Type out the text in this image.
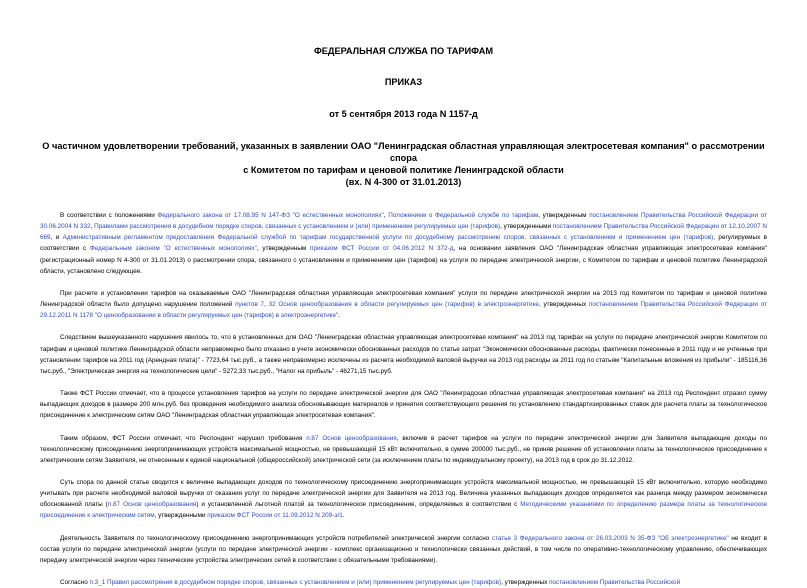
ФЕДЕРАЛЬНАЯ СЛУЖБА ПО ТАРИФАМ
ПРИКАЗ
от 5 сентября 2013 года N 1157-д
О частичном удовлетворении требований, указанных в заявлении ОАО "Ленинградская областная управляющая электросетевая компания" о рассмотрении спора
с Комитетом по тарифам и ценовой политике Ленинградской области
(вх. N 4-300 от 31.01.2013)

В соответствии с положениями Федерального закона от 17.08.95 N 147-ФЗ "О естественных монополиях", Положением о Федеральной службе по тарифам, утвержденным постановлением Правительства Российской Федерации от 30.06.2004 N 332, Правилами рассмотрения в досудебном порядке споров, связанных с установлением и (или) применением регулируемых цен (тарифов), утвержденными постановлением Правительства Российской Федерации от 12.10.2007 N 669, и Административным регламентом предоставления Федеральной службой по тарифам государственной услуги по досудебному рассмотрению споров, связанных с установлением и применением цен (тарифов), регулируемых в соответствии с Федеральным законом "О естественных монополиях", утвержденным приказом ФСТ России от 04.06.2012 N 372-д, на основании заявления ОАО "Ленинградская областная управляющая электросетевая компания" (регистрационный номер N 4-300 от 31.01.2013) о рассмотрении спора, связанного с установлением и применением цен (тарифов) на услуги по передаче электрической энергии, с Комитетом по тарифам и ценовой политике Ленинградской области, установлено следующее.

При расчете и установлении тарифов на оказываемые ОАО "Ленинградская областная управляющая электросетевая компания" услуги по передаче электрической энергии на 2013 год Комитетом по тарифам и ценовой политике Ленинградской области было допущено нарушение положений пунктов 7, 32 Основ ценообразования в области регулируемых цен (тарифов) в электроэнергетике, утвержденных постановлением Правительства Российской Федерации от 29.12.2011 N 1178 "О ценообразовании в области регулируемых цен (тарифов) в электроэнергетике".

Следствием вышеуказанного нарушения явилось то, что в установленных для ОАО "Ленинградская областная управляющая электросетевая компания" на 2013 год тарифах на услуги по передаче электрической энергии Комитетом по тарифам и ценовой политике Ленинградской области неправомерно было отказано в учете экономически обоснованных расходов по статье затрат "Экономически обоснованные расходы, фактически понесенные в 2011 году и не учтенные при установлении тарифов на 2011 год (Арендная плата)" - 7723,64 тыс.руб., а также неправомерно исключены из расчета необходимой валовой выручки на 2013 год расходы за 2011 год по статьям "Капитальные вложения из прибыли" - 185116,36 тыс.руб., "Электрическая энергия на технологические цели" - 5272,33 тыс.руб., "Налог на прибыль" - 46271,15 тыс.руб.

Также ФСТ России отмечает, что в процессе установления тарифов на услуги по передаче электрической энергии для ОАО "Ленинградская областная управляющая электросетевая компания" на 2013 год Респондент отразил сумму выпадающих доходов в размере 200 млн.руб. без проведения необходимого анализа обосновывающих материалов и принятия соответствующего решения по установлению стандартизированных ставок для расчета платы за технологическое присоединение к электрическим сетям ОАО "Ленинградская областная управляющая электросетевая компания".

Таким образом, ФСТ России отмечает, что Респондент нарушил требования п.87 Основ ценообразования, включив в расчет тарифов на услуги по передаче электрической энергии для Заявителя выпадающие доходы по технологическому присоединению энергопринимающих устройств максимальной мощностью, не превышающей 15 кВт включительно, в сумме 200000 тыс.руб., не приняв решение об установлении платы за технологическое присоединение к электрическим сетям Заявителя, не отнесенным к единой национальной (общероссийской) электрической сети (за исключением платы по индивидуальному проекту), на 2013 год в срок до 31.12.2012.

Суть спора по данной статье сводится к величине выпадающих доходов по технологическому присоединению энергопринимающих устройств максимальной мощностью, не превышающей 15 кВт включительно, которую необходимо учитывать при расчете необходимой валовой выручки от оказания услуг по передаче электрической энергии для Заявителя на 2013 год. Величина указанных выпадающих доходов определяется как разница между размером экономически обоснованной платы (п.87 Основ ценообразования) и установленной льготной платой за технологическое присоединение, определяемых в соответствии с Методическими указаниями по определению размера платы за технологическое присоединение к электрическим сетям, утвержденными приказом ФСТ России от 11.09.2012 N 209-э/1.

Деятельность Заявителя по технологическому присоединению энергопринимающих устройств потребителей электрической энергии согласно статье 3 Федерального закона от 26.03.2003 N 35-ФЗ "Об электроэнергетике" не входит в состав услуги по передаче электрической энергии (услуги по передаче электрической энергии - комплекс организационно и технологически связанных действий, в том числе по оперативно-технологическому управлению, обеспечивающих передачу электрической энергии через технические устройства электрических сетей в соответствии с обязательными требованиями).

Согласно п.3_1 Правил рассмотрения в досудебном порядке споров, связанных с установлением и (или) применением регулируемых цен (тарифов), утвержденных постановлением Правительства Российской
